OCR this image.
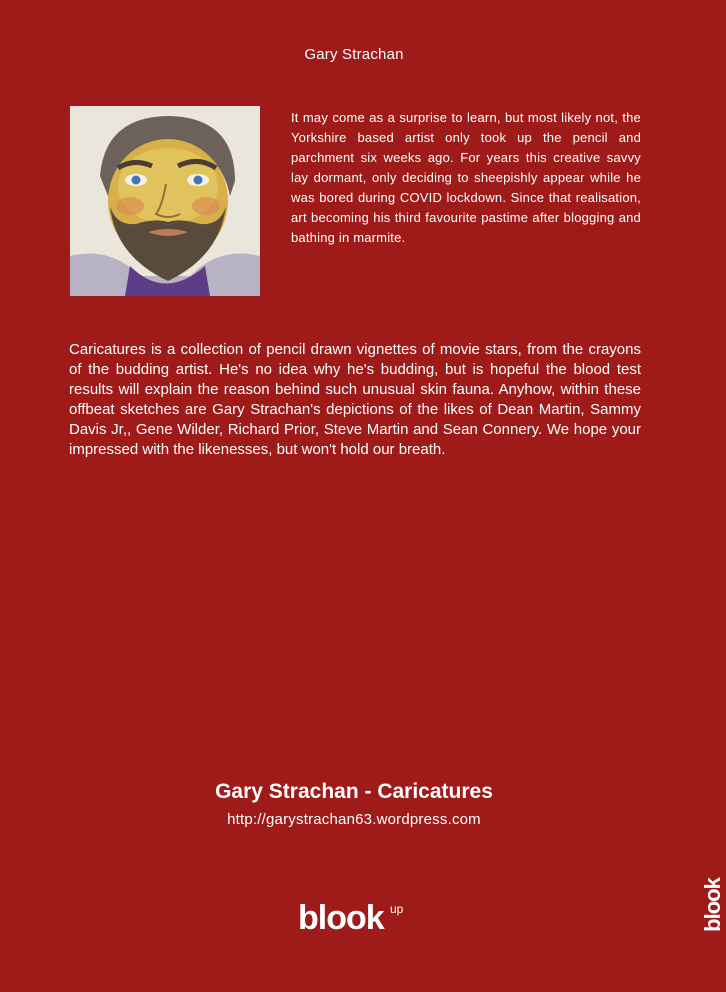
Gary Strachan
It may come as a surprise to learn, but most likely not, the Yorkshire based artist only took up the pencil and parchment six weeks ago. For years this creative savvy lay dormant, only deciding to sheepishly appear while he was bored during COVID lockdown. Since that realisation, art becoming his third favourite pastime after blogging and bathing in marmite.
Caricatures is a collection of pencil drawn vignettes of movie stars, from the crayons of the budding artist. He's no idea why he's budding, but is hopeful the blood test results will explain the reason behind such unusual skin fauna. Anyhow, within these offbeat sketches are Gary Strachan's depictions of the likes of Dean Martin, Sammy Davis Jr,, Gene Wilder, Richard Prior, Steve Martin and Sean Connery. We hope your impressed with the likenesses, but won't hold our breath.
Gary Strachan - Caricatures
http://garystrachan63.wordpress.com
blook up	blook
